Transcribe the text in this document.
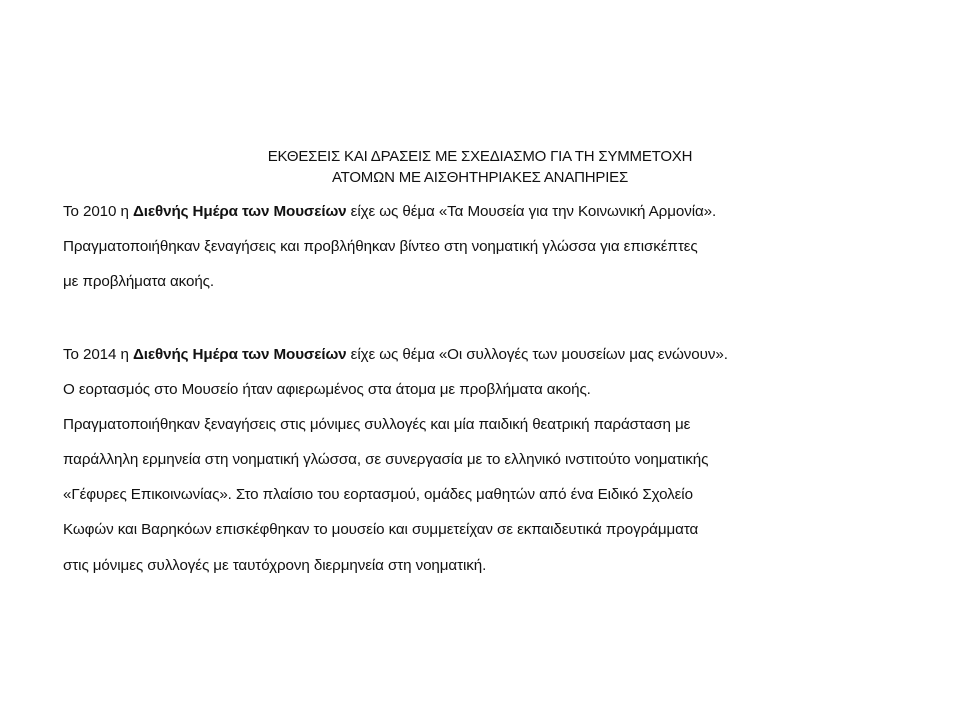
ΕΚΘΕΣΕΙΣ ΚΑΙ ΔΡΑΣΕΙΣ ΜΕ ΣΧΕΔΙΑΣΜΟ ΓΙΑ ΤΗ ΣΥΜΜΕΤΟΧΗ
ΑΤΟΜΩΝ ΜΕ ΑΙΣΘΗΤΗΡΙΑΚΕΣ ΑΝΑΠΗΡΙΕΣ
Το 2010 η Διεθνής Ημέρα των Μουσείων είχε ως θέμα «Τα Μουσεία για την Κοινωνική Αρμονία».
Πραγματοποιήθηκαν ξεναγήσεις και προβλήθηκαν βίντεο στη νοηματική γλώσσα για επισκέπτες
με προβλήματα ακοής.
Το 2014 η Διεθνής Ημέρα των Μουσείων είχε ως θέμα «Οι συλλογές των μουσείων μας ενώνουν».
Ο εορτασμός στο Μουσείο ήταν αφιερωμένος στα άτομα με προβλήματα ακοής.
Πραγματοποιήθηκαν ξεναγήσεις στις μόνιμες συλλογές και μία παιδική θεατρική παράσταση με
παράλληλη ερμηνεία στη νοηματική γλώσσα, σε συνεργασία με το ελληνικό ινστιτούτο νοηματικής
«Γέφυρες Επικοινωνίας». Στο πλαίσιο του εορτασμού, ομάδες μαθητών από ένα Ειδικό Σχολείο
Κωφών και Βαρηκόων επισκέφθηκαν το μουσείο και συμμετείχαν σε εκπαιδευτικά προγράμματα
στις μόνιμες συλλογές με ταυτόχρονη διερμηνεία στη νοηματική.
